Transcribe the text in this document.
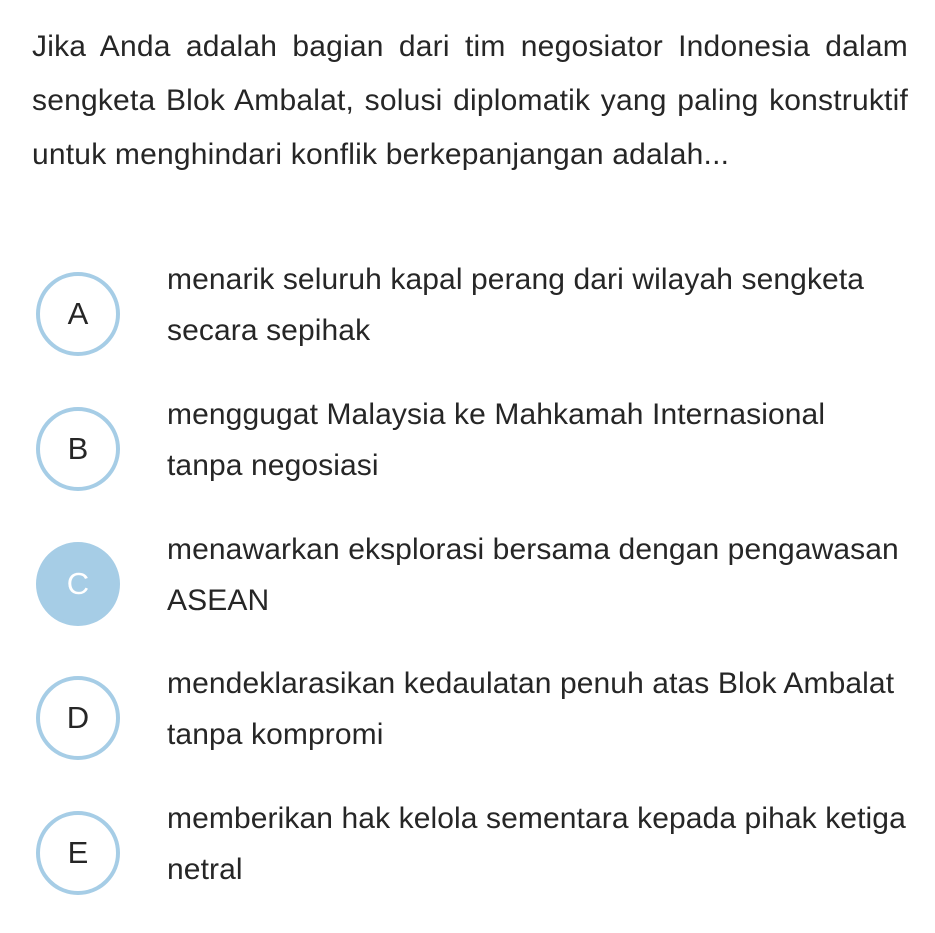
Jika Anda adalah bagian dari tim negosiator Indonesia dalam sengketa Blok Ambalat, solusi diplomatik yang paling konstruktif untuk menghindari konflik berkepanjangan adalah...

A
menarik seluruh kapal perang dari wilayah sengketa secara sepihak
B
menggugat Malaysia ke Mahkamah Internasional tanpa negosiasi
C
menawarkan eksplorasi bersama dengan pengawasan ASEAN
D
mendeklarasikan kedaulatan penuh atas Blok Ambalat tanpa kompromi
E
memberikan hak kelola sementara kepada pihak ketiga netral
